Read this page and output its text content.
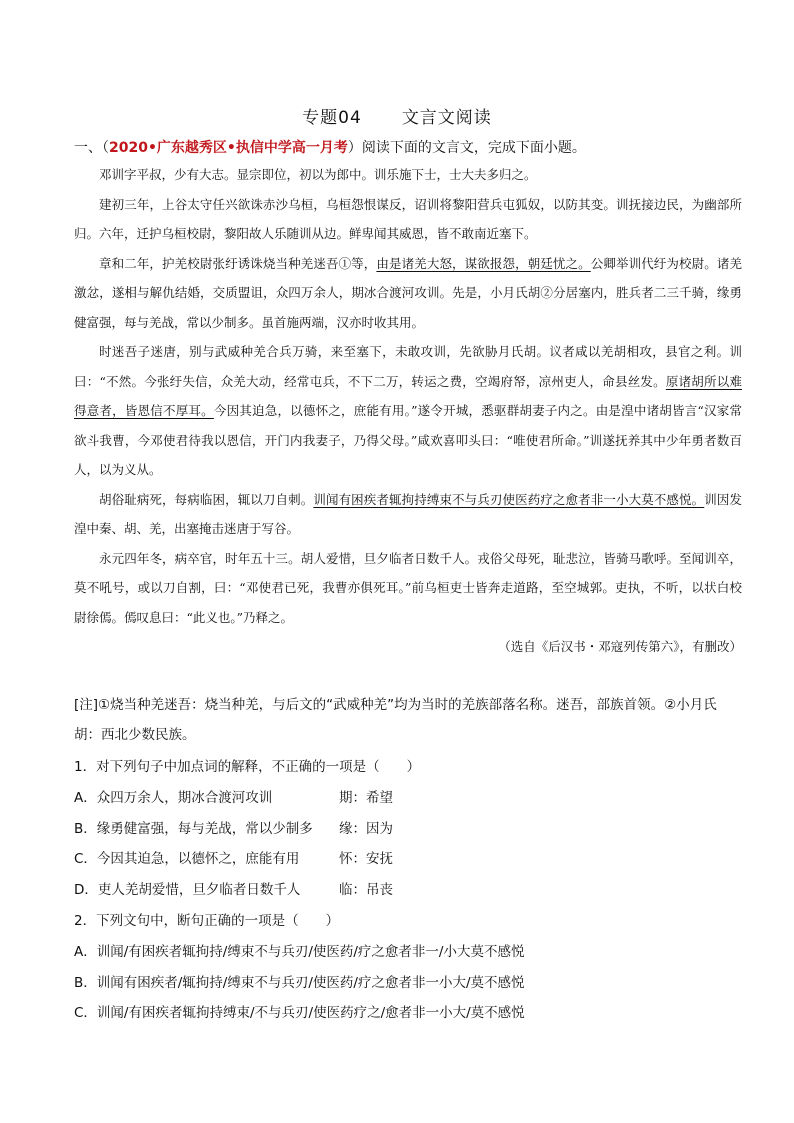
专题04 文言文阅读
一、（2020•广东越秀区•执信中学高一月考）阅读下面的文言文，完成下面小题。

邓训字平叔，少有大志。显宗即位，初以为郎中。训乐施下士，士大夫多归之。

建初三年，上谷太守任兴欲诛赤沙乌桓，乌桓怨恨谋反，诏训将黎阳营兵屯狐奴，以防其变。训抚接边民，为幽部所归。六年，迁护乌桓校尉，黎阳故人乐随训从边。鲜卑闻其威恩，皆不敢南近塞下。

章和二年，护羌校尉张纡诱诛烧当种羌迷吾①等，由是诸羌大怒，谋欲报怨，朝廷忧之。公卿举训代纡为校尉。诸羌激忿，遂相与解仇结婚，交质盟诅，众四万余人，期冰合渡河攻训。先是，小月氏胡②分居塞内，胜兵者二三千骑，缘勇健富强，每与羌战，常以少制多。虽首施两端，汉亦时收其用。

时迷吾子迷唐，别与武威种羌合兵万骑，来至塞下，未敢攻训，先欲胁月氏胡。议者咸以羌胡相攻，县官之利。训曰：“不然。今张纡失信，众羌大动，经常屯兵，不下二万，转运之费，空竭府帑，凉州吏人，命县丝发。原诸胡所以难得意者，皆恩信不厚耳。今因其迫急，以德怀之，庶能有用。”遂令开城，悉驱群胡妻子内之。由是湟中诸胡皆言“汉家常欲斗我曹，今邓使君待我以恩信，开门内我妻子，乃得父母。”咸欢喜叩头曰：“唯使君所命。”训遂抚养其中少年勇者数百人，以为义从。

胡俗耻病死，每病临困，辄以刀自刺。训闻有困疾者辄拘持缚束不与兵刃使医药疗之愈者非一小大莫不感悦。训因发湟中秦、胡、羌，出塞掩击迷唐于写谷。

永元四年冬，病卒官，时年五十三。胡人爱惜，旦夕临者日数千人。戎俗父母死，耻悲泣，皆骑马歌呼。至闻训卒，莫不吼号，或以刀自割，曰：“邓使君已死，我曹亦俱死耳。”前乌桓吏士皆奔走道路，至空城郭。吏执，不听，以状白校尉徐傿。傿叹息曰：“此义也。”乃释之。

（选自《后汉书・邓寇列传第六》，有删改）

[注]①烧当种羌迷吾：烧当种羌，与后文的“武威种羌”均为当时的羌族部落名称。迷吾，部族首领。②小月氏胡：西北少数民族。
1．对下列句子中加点词的解释，不正确的一项是（　　）
A．众四万余人，期冰合渡河攻训	期：希望
B．缘勇健富强，每与羌战，常以少制多 缘：因为
C．今因其迫急，以德怀之，庶能有用	怀：安抚
D．吏人羌胡爱惜，旦夕临者日数千人	临：吊丧
2．下列文句中，断句正确的一项是（　　）
A．训闻/有困疾者辄拘持/缚束不与兵刃/使医药/疗之愈者非一/小大莫不感悦
B．训闻有困疾者/辄拘持/缚束不与兵刃/使医药/疗之愈者非一小大/莫不感悦
C．训闻/有困疾者辄拘持缚束/不与兵刃/使医药疗之/愈者非一小大/莫不感悦
